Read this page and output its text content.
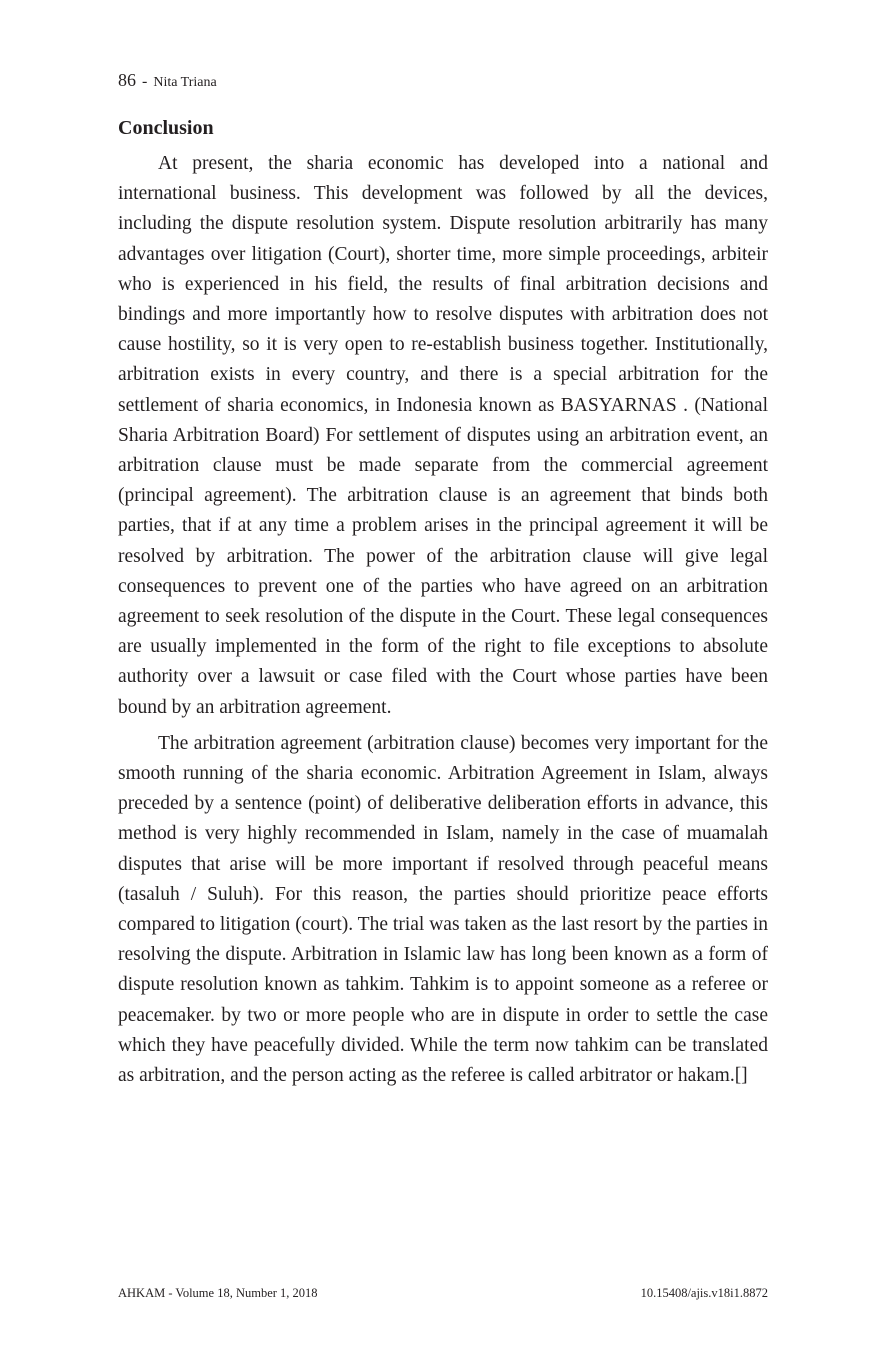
86 - Nita Triana
Conclusion

At present, the sharia economic has developed into a national and international business. This development was followed by all the devices, including the dispute resolution system. Dispute resolution arbitrarily has many advantages over litigation (Court), shorter time, more simple proceedings, arbiteir who is experienced in his field, the results of final arbitration decisions and bindings and more importantly how to resolve disputes with arbitration does not cause hostility, so it is very open to re-establish business together. Institutionally, arbitration exists in every country, and there is a special arbitration for the settlement of sharia economics, in Indonesia known as BASYARNAS . (National Sharia Arbitration Board) For settlement of disputes using an arbitration event, an arbitration clause must be made separate from the commercial agreement (principal agreement). The arbitration clause is an agreement that binds both parties, that if at any time a problem arises in the principal agreement it will be resolved by arbitration. The power of the arbitration clause will give legal consequences to prevent one of the parties who have agreed on an arbitration agreement to seek resolution of the dispute in the Court. These legal consequences are usually implemented in the form of the right to file exceptions to absolute authority over a lawsuit or case filed with the Court whose parties have been bound by an arbitration agreement.

The arbitration agreement (arbitration clause) becomes very important for the smooth running of the sharia economic. Arbitration Agreement in Islam, always preceded by a sentence (point) of deliberative deliberation efforts in advance, this method is very highly recommended in Islam, namely in the case of muamalah disputes that arise will be more important if resolved through peaceful means (tasaluh / Suluh). For this reason, the parties should prioritize peace efforts compared to litigation (court). The trial was taken as the last resort by the parties in resolving the dispute. Arbitration in Islamic law has long been known as a form of dispute resolution known as tahkim. Tahkim is to appoint someone as a referee or peacemaker. by two or more people who are in dispute in order to settle the case which they have peacefully divided. While the term now tahkim can be translated as arbitration, and the person acting as the referee is called arbitrator or hakam.[]

AHKAM - Volume 18, Number 1, 2018	10.15408/ajis.v18i1.8872
